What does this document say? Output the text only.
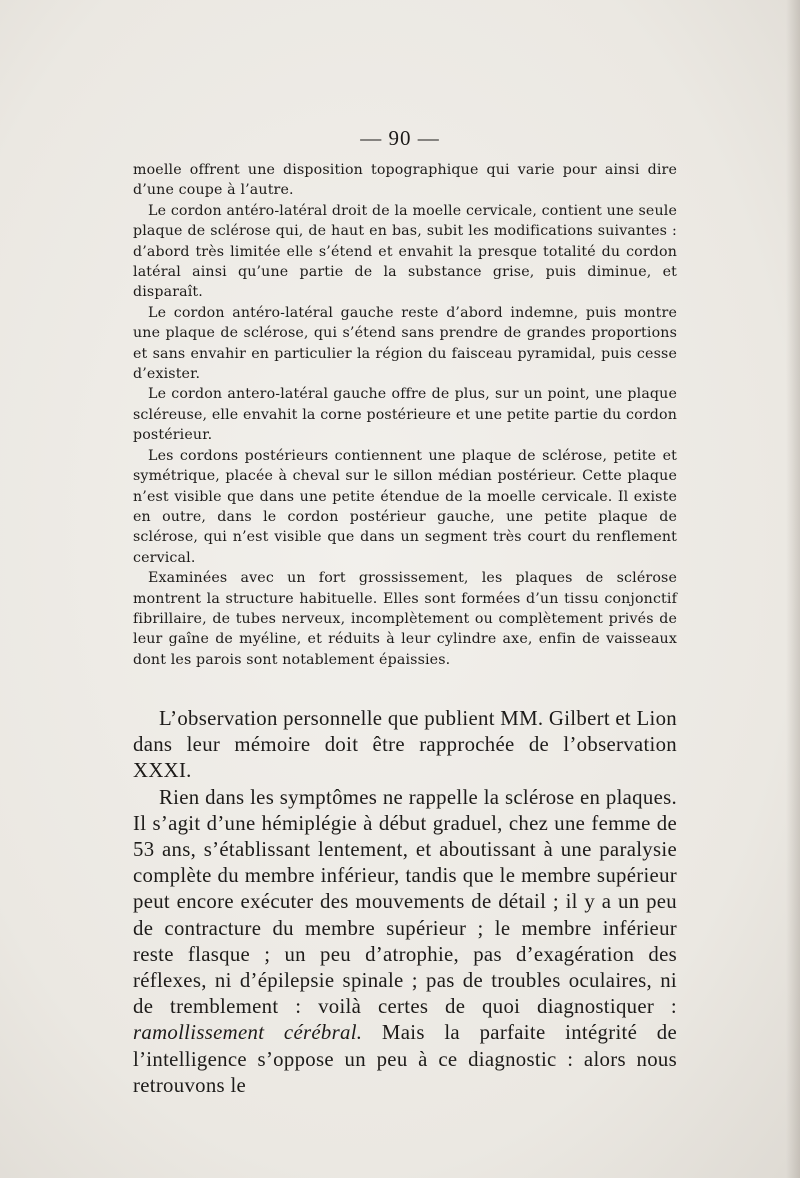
— 90 —

moelle offrent une disposition topographique qui varie pour ainsi dire d’une coupe à l’autre.

Le cordon antéro-latéral droit de la moelle cervicale, contient une seule plaque de sclérose qui, de haut en bas, subit les modifications suivantes : d’abord très limitée elle s’étend et envahit la presque totalité du cordon latéral ainsi qu’une partie de la substance grise, puis diminue, et disparaît.

Le cordon antéro-latéral gauche reste d’abord indemne, puis montre une plaque de sclérose, qui s’étend sans prendre de grandes proportions et sans envahir en particulier la région du faisceau pyramidal, puis cesse d’exister.

Le cordon antero-latéral gauche offre de plus, sur un point, une plaque scléreuse, elle envahit la corne postérieure et une petite partie du cordon postérieur.

Les cordons postérieurs contiennent une plaque de sclérose, petite et symétrique, placée à cheval sur le sillon médian postérieur. Cette plaque n’est visible que dans une petite étendue de la moelle cervicale. Il existe en outre, dans le cordon postérieur gauche, une petite plaque de sclérose, qui n’est visible que dans un segment très court du renflement cervical.

Examinées avec un fort grossissement, les plaques de sclérose montrent la structure habituelle. Elles sont formées d’un tissu conjonctif fibrillaire, de tubes nerveux, incomplètement ou complètement privés de leur gaîne de myéline, et réduits à leur cylindre axe, enfin de vaisseaux dont les parois sont notablement épaissies.

L’observation personnelle que publient MM. Gilbert et Lion dans leur mémoire doit être rapprochée de l’observation XXXI.

Rien dans les symptômes ne rappelle la sclérose en plaques. Il s’agit d’une hémiplégie à début graduel, chez une femme de 53 ans, s’établissant lentement, et aboutissant à une paralysie complète du membre inférieur, tandis que le membre supérieur peut encore exécuter des mouvements de détail ; il y a un peu de contracture du membre supérieur ; le membre inférieur reste flasque ; un peu d’atrophie, pas d’exagération des réflexes, ni d’épilepsie spinale ; pas de troubles oculaires, ni de tremblement : voilà certes de quoi diagnostiquer : ramollissement cérébral. Mais la parfaite intégrité de l’intelligence s’oppose un peu à ce diagnostic : alors nous retrouvons le
